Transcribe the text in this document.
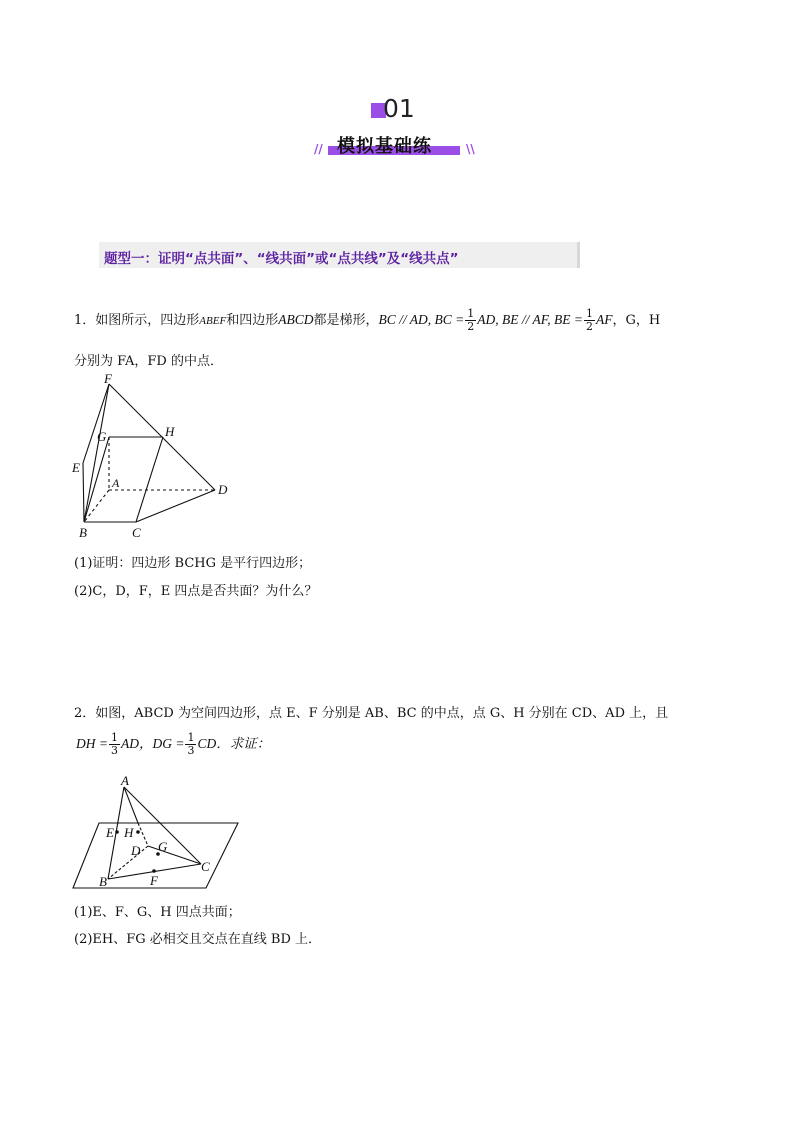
01
// 模拟基础练	\\
题型一：证明“点共面”、“线共面”或“点共线”及“线共点”
1．如图所示，四边形ABEF和四边形ABCD都是梯形，BC // AD, BC = $\frac{1}{2}$ AD, BE // AF, BE = $\frac{1}{2}$ AF，G，H
分别为 FA，FD 的中点．
F
G	H
E
A	D
B	C
(1)证明：四边形 BCHG 是平行四边形；
(2)C，D，F，E 四点是否共面？为什么？
2．如图，ABCD 为空间四边形，点 E、F 分别是 AB、BC 的中点，点 G、H 分别在 CD、AD 上，且
DH = $\frac{1}{3}$ AD，DG = $\frac{1}{3}$ CD．求证：
A
E H
D G
C
B	F
(1)E、F、G、H 四点共面；
(2)EH、FG 必相交且交点在直线 BD 上．
